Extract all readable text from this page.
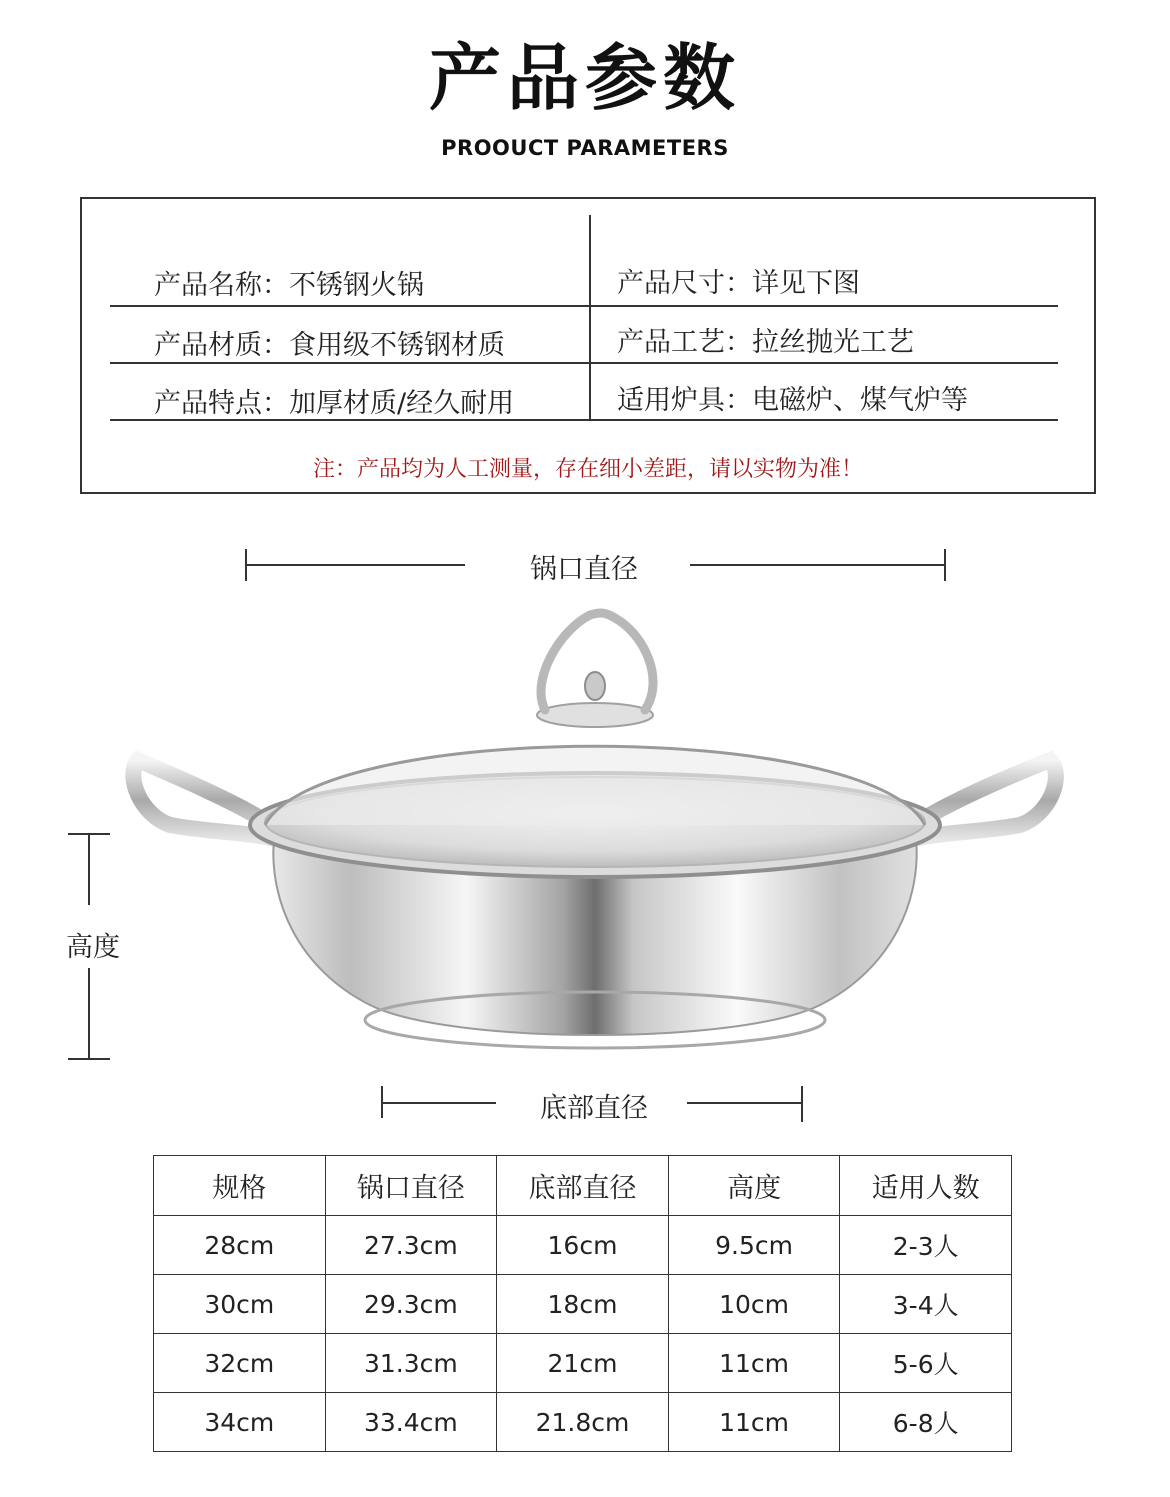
产品参数
PROOUCT PARAMETERS
产品名称：不锈钢火锅	产品尺寸：详见下图
产品材质：食用级不锈钢材质	产品工艺：拉丝抛光工艺
产品特点：加厚材质/经久耐用	适用炉具：电磁炉、煤气炉等
注：产品均为人工测量，存在细小差距，请以实物为准！
锅口直径
高度
底部直径
规格	锅口直径	底部直径	高度	适用人数
28cm	27.3cm	16cm	9.5cm	2-3人
30cm	29.3cm	18cm	10cm	3-4人
32cm	31.3cm	21cm	11cm	5-6人
34cm	33.4cm	21.8cm	11cm	6-8人
